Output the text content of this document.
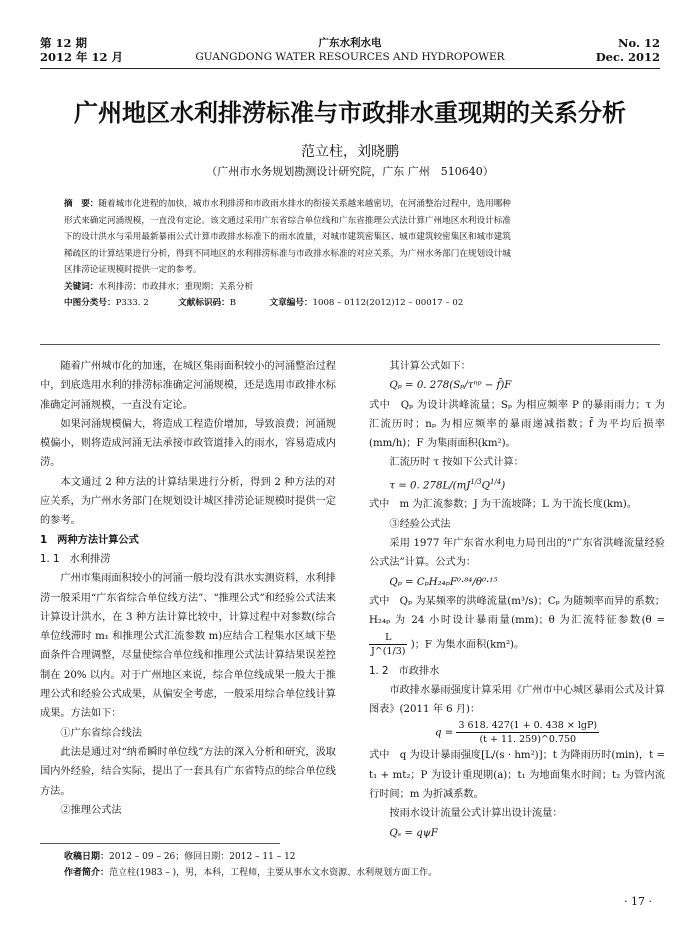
第 12 期
2012 年 12 月
广东水利水电
GUANGDONG WATER RESOURCES AND HYDROPOWER
No. 12
Dec. 2012
广州地区水利排涝标准与市政排水重现期的关系分析
范立柱，刘晓鹏
（广州市水务规划勘测设计研究院，广东 广州　510640）
摘　要：随着城市化进程的加快，城市水利排涝和市政雨水排水的衔接关系越来越密切，在河涌整治过程中，选用哪种
形式来确定河涌规模，一直没有定论。该文通过采用广东省综合单位线和广东省推理公式法计算广州地区水利设计标准
下的设计洪水与采用最新暴雨公式计算市政排水标准下的雨水流量，对城市建筑密集区、城市建筑较密集区和城市建筑
稀疏区的计算结果进行分析，得到不同地区的水利排涝标准与市政排水标准的对应关系，为广州水务部门在规划设计城
区排涝论证规模时提供一定的参考。
关键词：水利排涝；市政排水；重现期；关系分析
中图分类号：P333. 2	文献标识码：B	文章编号：1008 – 0112(2012)12 – 00017 – 02

随着广州城市化的加速，在城区集雨面积较小的河涌整治过程中，到底选用水利的排涝标准确定河涌规模，还是选用市政排水标准确定河涌规模，一直没有定论。

如果河涌规模偏大，将造成工程造价增加，导致浪费；河涌规模偏小，则将造成河涌无法承接市政管道排入的雨水，容易造成内涝。

本文通过 2 种方法的计算结果进行分析，得到 2 种方法的对应关系，为广州水务部门在规划设计城区排涝论证规模时提供一定的参考。

1　两种方法计算公式

1. 1　水利排涝

广州市集雨面积较小的河涌一般均没有洪水实测资料，水利排涝一般采用“广东省综合单位线方法”、“推理公式”和经验公式法来计算设计洪水，在 3 种方法计算比较中，计算过程中对参数(综合单位线滞时 m₁ 和推理公式汇流参数 m)应结合工程集水区域下垫面条件合理调整，尽量使综合单位线和推理公式法计算结果误差控制在 20% 以内。对于广州地区来说，综合单位线成果一般大于推理公式和经验公式成果，从偏安全考虑，一般采用综合单位线计算成果。方法如下：

①广东省综合线法

此法是通过对“纳希瞬时单位线”方法的深入分析和研究，汲取国内外经验，结合实际，提出了一套具有广东省特点的综合单位线方法。

②推理公式法

其计算公式如下：

Qₚ = 0. 278(Sₚ/τⁿᵖ − f̄)F

式中　Qₚ 为设计洪峰流量；Sₚ 为相应频率 P 的暴雨雨力；τ 为汇流历时；nₚ 为相应频率的暴雨递减指数；f̄ 为平均后损率(mm/h)；F 为集雨面积(km²)。

汇流历时 τ 按如下公式计算：

τ = 0. $278L/(mJ^{1/3}Q^{1/4})$

式中　m 为汇流参数；J 为干流坡降；L 为干流长度(km)。

③经验公式法

采用 1977 年广东省水利电力局刊出的“广东省洪峰流量经验公式法”计算。公式为：

Qₚ = CₚH₂₄ₚF⁰·⁸⁴/θ⁰·¹⁵

式中　Qₚ 为某频率的洪峰流量(m³/s)；Cₚ 为随频率而异的系数；H₂₄ₚ 为 24 小时设计暴雨量(mm)；θ 为汇流特征参数(θ =
$\frac{L}{J\^{}(1/3)}$ )；F 为集水面积(km²)。

1. 2　市政排水

市政排水暴雨强度计算采用《广州市中心城区暴雨公式及计算图表》(2011 年 6 月)：

$q = \frac{3 618. 427(1 + 0. 438 \times \lg P)}{(t + 11. 259)\^{}0.750}$

式中　q 为设计暴雨强度[L/(s · hm²)]；t 为降雨历时(min)，t = t₁ + mt₂；P 为设计重现期(a)；t₁ 为地面集水时间；t₂ 为管内流行时间；m 为折减系数。

按雨水设计流量公式计算出设计流量：

Qₛ = qψF

收稿日期：2012 – 09 – 26；修回日期：2012 – 11 – 12
作者简介：范立柱(1983 – )，男，本科，工程师，主要从事水文水资源、水利规划方面工作。
· 17 ·
